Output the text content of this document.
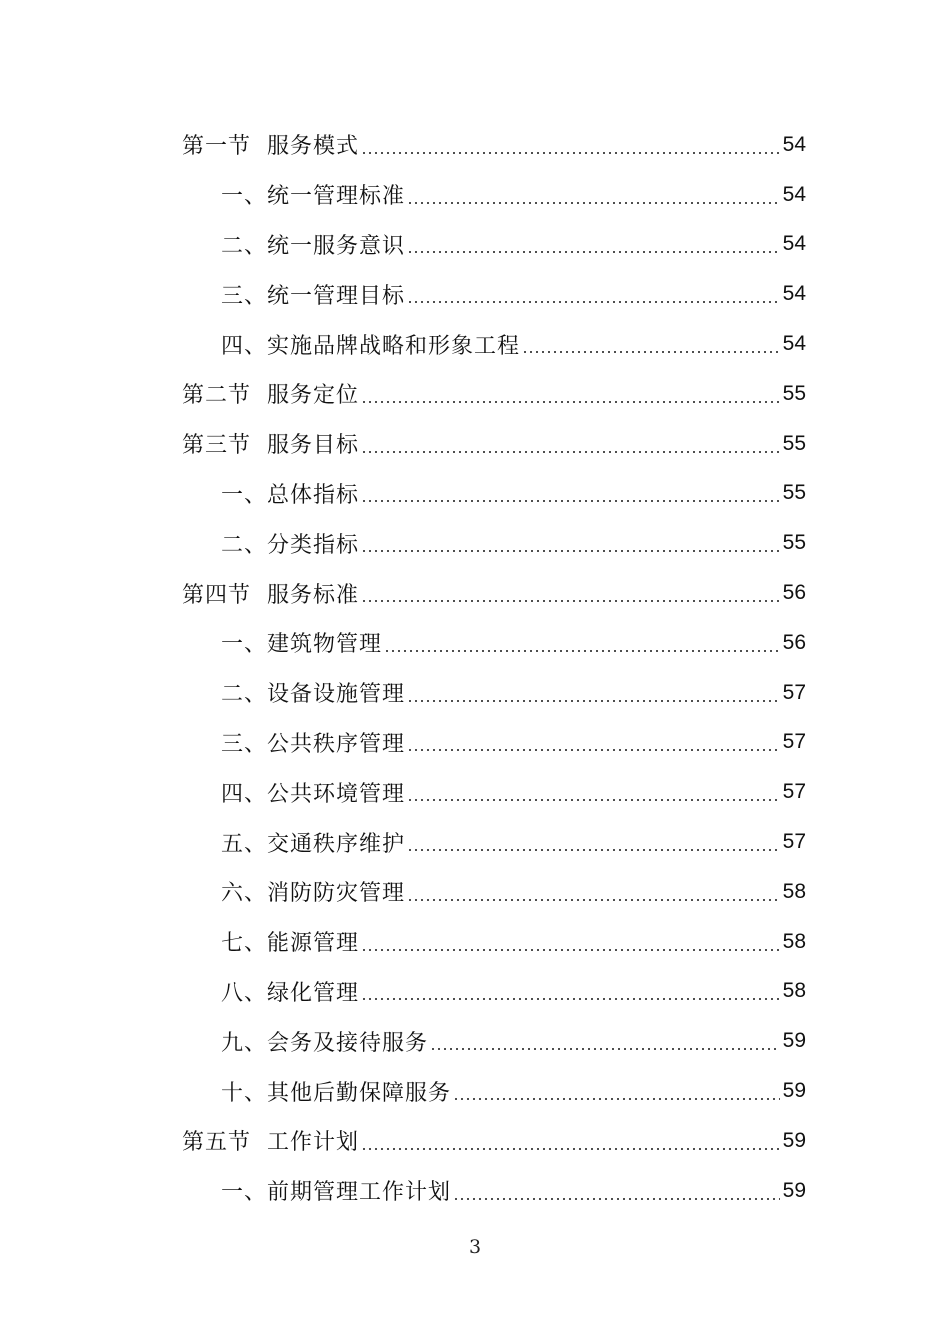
第一节 服务模式	54
一、 统一管理标准	54
二、 统一服务意识	54
三、 统一管理目标	54
四、 实施品牌战略和形象工程	54
第二节 服务定位	55
第三节 服务目标	55
一、 总体指标	55
二、 分类指标	55
第四节 服务标准	56
一、 建筑物管理	56
二、 设备设施管理	57
三、 公共秩序管理	57
四、 公共环境管理	57
五、 交通秩序维护	57
六、 消防防灾管理	58
七、 能源管理	58
八、 绿化管理	58
九、 会务及接待服务	59
十、 其他后勤保障服务	59
第五节 工作计划	59
一、 前期管理工作计划	59
3
